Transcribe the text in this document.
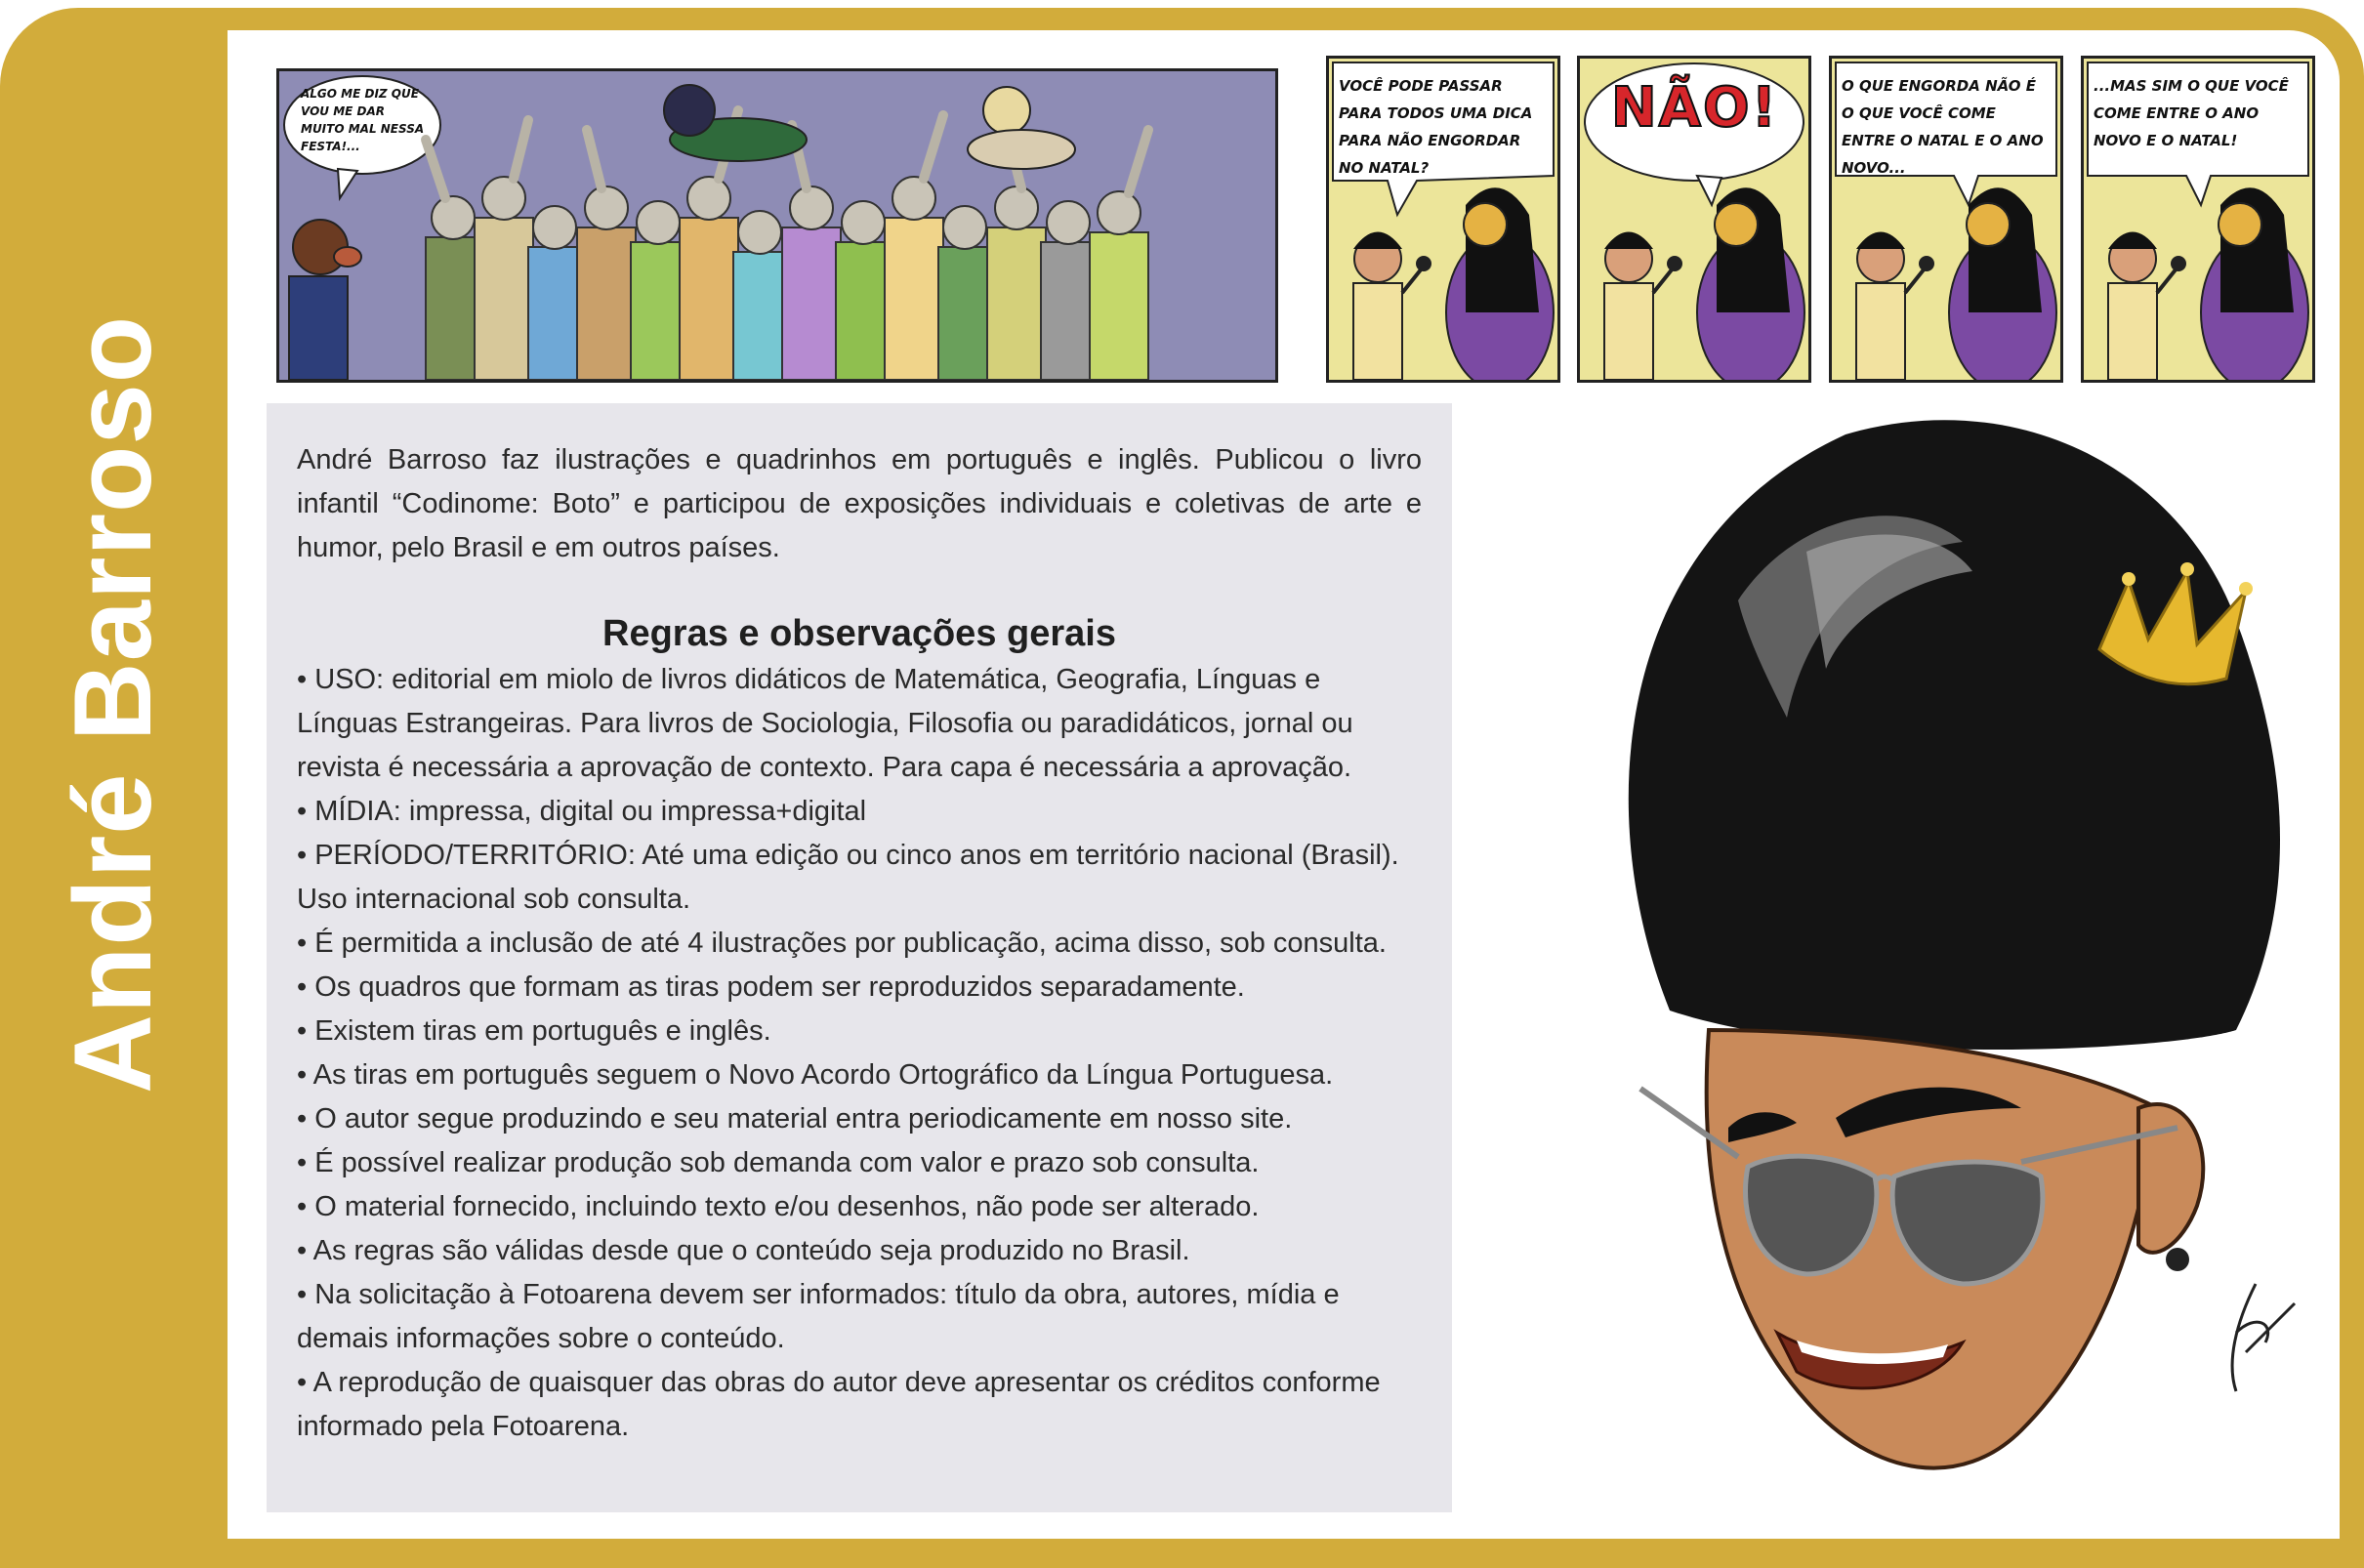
André Barroso
ALGO ME DIZ QUE VOU ME DAR MUITO MAL NESSA FESTA!...
VOCÊ PODE PASSAR PARA TODOS UMA DICA PARA NÃO ENGORDAR NO NATAL?
NÃO!	O QUE ENGORDA NÃO É O QUE VOCÊ COME ENTRE O NATAL E O ANO NOVO...
...MAS SIM O QUE VOCÊ COME ENTRE O ANO NOVO E O NATAL!

André Barroso faz ilustrações e quadrinhos em português e inglês. Publicou o livro infantil “Codinome: Boto” e participou de exposições individuais e coletivas de arte e humor, pelo Brasil e em outros países.

Regras e observações gerais
• USO: editorial em miolo de livros didáticos de Matemática, Geografia, Línguas e Línguas Estrangeiras. Para livros de Sociologia, Filosofia ou paradidáticos, jornal ou revista é necessária a aprovação de contexto. Para capa é necessária a aprovação.
• MÍDIA: impressa, digital ou impressa+digital
• PERÍODO/TERRITÓRIO: Até uma edição ou cinco anos em território nacional (Brasil). Uso internacional sob consulta.
• É permitida a inclusão de até 4 ilustrações por publicação, acima disso, sob consulta.
• Os quadros que formam as tiras podem ser reproduzidos separadamente.
• Existem tiras em português e inglês.
• As tiras em português seguem o Novo Acordo Ortográfico da Língua Portuguesa.
• O autor segue produzindo e seu material entra periodicamente em nosso site.
• É possível realizar produção sob demanda com valor e prazo sob consulta.
• O material fornecido, incluindo texto e/ou desenhos, não pode ser alterado.
• As regras são válidas desde que o conteúdo seja produzido no Brasil.
• Na solicitação à Fotoarena devem ser informados: título da obra, autores, mídia e demais informações sobre o conteúdo.
• A reprodução de quaisquer das obras do autor deve apresentar os créditos conforme informado pela Fotoarena.
